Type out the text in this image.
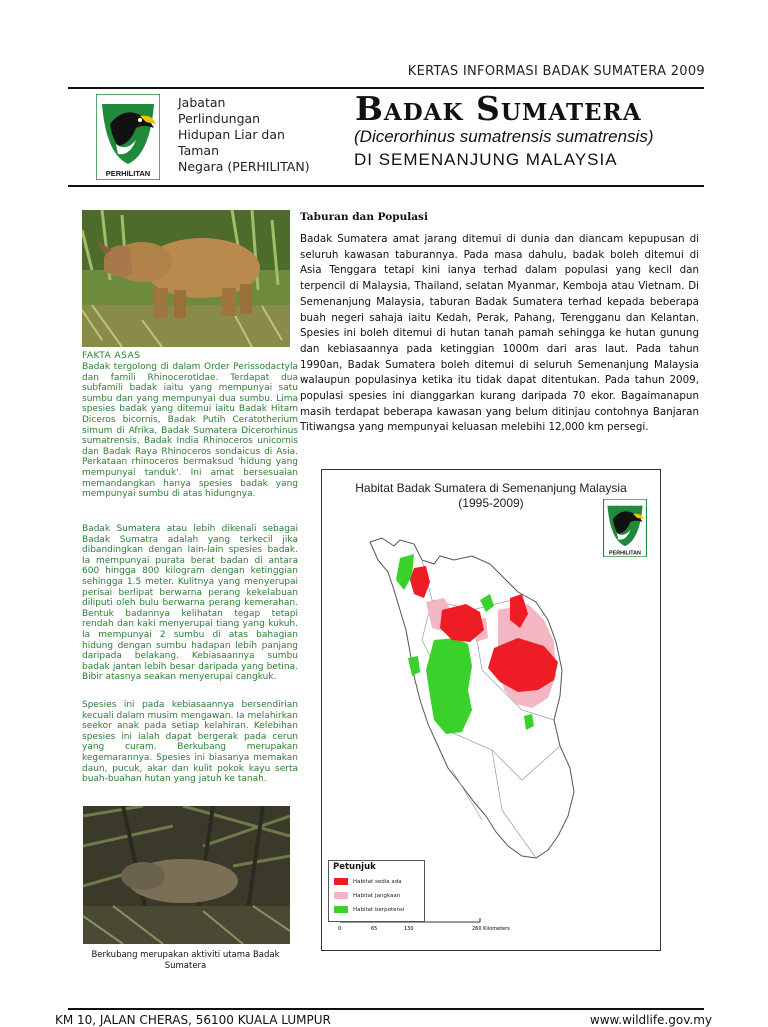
KERTAS INFORMASI BADAK SUMATERA 2009
PERHILITAN
Jabatan
Perlindungan
Hidupan Liar dan
Taman
Negara (PERHILITAN)
Badak Sumatera
(Dicerorhinus sumatrensis sumatrensis)
DI SEMENANJUNG MALAYSIA
FAKTA ASAS
Badak tergolong di dalam Order Perissodactyla dan famili Rhinocerotidae. Terdapat dua subfamili badak iaitu yang mempunyai satu sumbu dan yang mempunyai dua sumbu. Lima spesies badak yang ditemui iaitu Badak Hitam Diceros bicornis, Badak Putih Ceratotherium simum di Afrika, Badak Sumatera Dicerorhinus sumatrensis, Badak India Rhinoceros unicornis dan Badak Raya Rhinoceros sondaicus di Asia. Perkataan rhinoceros bermaksud 'hidung yang mempunyai tanduk'. Ini amat bersesuaian memandangkan hanya spesies badak yang mempunyai sumbu di atas hidungnya.
Badak Sumatera atau lebih dikenali sebagai Badak Sumatra adalah yang terkecil jika dibandingkan dengan lain-lain spesies badak. Ia mempunyai purata berat badan di antara 600 hingga 800 kilogram dengan ketinggian sehingga 1.5 meter. Kulitnya yang menyerupai perisai berlipat berwarna perang kekelabuan diliputi oleh bulu berwarna perang kemerahan. Bentuk badannya kelihatan tegap tetapi rendah dan kaki menyerupai tiang yang kukuh. Ia mempunyai 2 sumbu di atas bahagian hidung dengan sumbu hadapan lebih panjang daripada belakang. Kebiasaannya sumbu badak jantan lebih besar daripada yang betina. Bibir atasnya seakan menyerupai cangkuk.
Spesies ini pada kebiasaannya bersendirian kecuali dalam musim mengawan. Ia melahirkan seekor anak pada setiap kelahiran. Kelebihan spesies ini ialah dapat bergerak pada cerun yang curam. Berkubang merupakan kegemarannya. Spesies ini biasanya memakan daun, pucuk, akar dan kulit pokok kayu serta buah-buahan hutan yang jatuh ke tanah.
Berkubang merupakan aktiviti utama Badak Sumatera
Taburan dan Populasi
Badak Sumatera amat jarang ditemui di dunia dan diancam kepupusan di seluruh kawasan taburannya. Pada masa dahulu, badak boleh ditemui di Asia Tenggara tetapi kini ianya terhad dalam populasi yang kecil dan terpencil di Malaysia, Thailand, selatan Myanmar, Kemboja atau Vietnam. Di Semenanjung Malaysia, taburan Badak Sumatera terhad kepada beberapa buah negeri sahaja iaitu Kedah, Perak, Pahang, Terengganu dan Kelantan. Spesies ini boleh ditemui di hutan tanah pamah sehingga ke hutan gunung dan kebiasaannya pada ketinggian 1000m dari aras laut. Pada tahun 1990an, Badak Sumatera boleh ditemui di seluruh Semenanjung Malaysia walaupun populasinya ketika itu tidak dapat ditentukan. Pada tahun 2009, populasi spesies ini dianggarkan kurang daripada 70 ekor. Bagaimanapun masih terdapat beberapa kawasan yang belum ditinjau contohnya Banjaran Titiwangsa yang mempunyai keluasan melebihi 12,000 km persegi.
Habitat Badak Sumatera di Semenanjung Malaysia
(1995-2009)
PERHILITAN
0	65	130	260 Kilometers
Petunjuk
Habitat sedia ada
Habitat Jangkaan
Habitat berpotensi
KM 10, JALAN CHERAS, 56100 KUALA LUMPUR	www.wildlife.gov.my
